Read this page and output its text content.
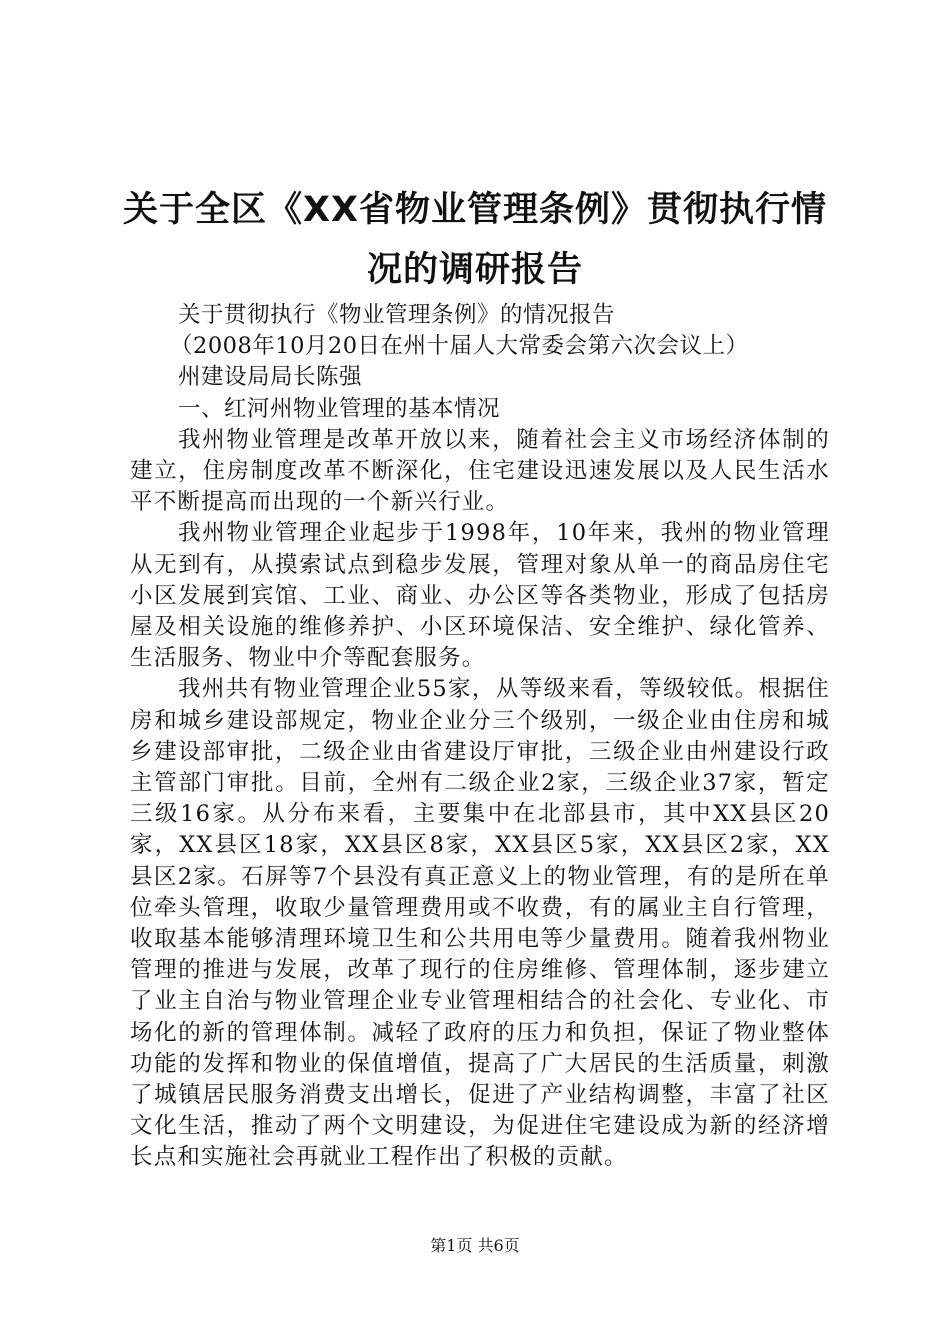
关于全区《XX省物业管理条例》贯彻执行情
况的调研报告
关于贯彻执行《物业管理条例》的情况报告
（2008年10月20日在州十届人大常委会第六次会议上）
州建设局局长陈强
一、红河州物业管理的基本情况

我州物业管理是改革开放以来，随着社会主义市场经济体制的建立，住房制度改革不断深化，住宅建设迅速发展以及人民生活水平不断提高而出现的一个新兴行业。

我州物业管理企业起步于1998年，10年来，我州的物业管理从无到有，从摸索试点到稳步发展，管理对象从单一的商品房住宅小区发展到宾馆、工业、商业、办公区等各类物业，形成了包括房屋及相关设施的维修养护、小区环境保洁、安全维护、绿化管养、生活服务、物业中介等配套服务。

我州共有物业管理企业55家，从等级来看，等级较低。根据住房和城乡建设部规定，物业企业分三个级别，一级企业由住房和城乡建设部审批，二级企业由省建设厅审批，三级企业由州建设行政主管部门审批。目前，全州有二级企业2家，三级企业37家，暂定三级16家。从分布来看，主要集中在北部县市，其中XX县区20家，XX县区18家，XX县区8家，XX县区5家，XX县区2家，XX县区2家。石屏等7个县没有真正意义上的物业管理，有的是所在单位牵头管理，收取少量管理费用或不收费，有的属业主自行管理，收取基本能够清理环境卫生和公共用电等少量费用。随着我州物业管理的推进与发展，改革了现行的住房维修、管理体制，逐步建立了业主自治与物业管理企业专业管理相结合的社会化、专业化、市场化的新的管理体制。减轻了政府的压力和负担，保证了物业整体功能的发挥和物业的保值增值，提高了广大居民的生活质量，刺激了城镇居民服务消费支出增长，促进了产业结构调整，丰富了社区文化生活，推动了两个文明建设，为促进住宅建设成为新的经济增长点和实施社会再就业工程作出了积极的贡献。

第1页 共6页
